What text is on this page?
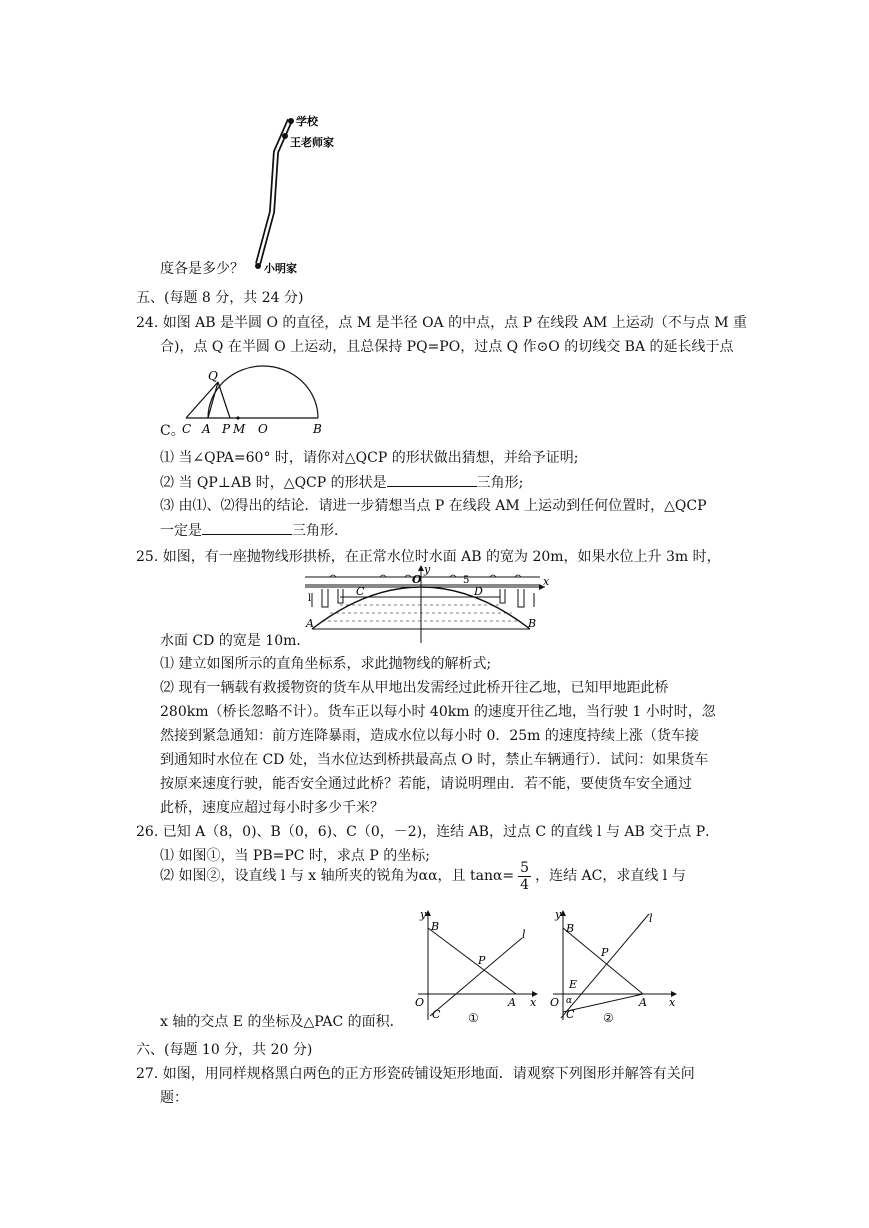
学校
王老师家
小明家
度各是多少？
五、(每题 8 分，共 24 分)
24. 如图 AB 是半圆 O 的直径，点 M 是半径 OA 的中点，点 P 在线段 AM 上运动（不与点 M 重
合)，点 Q 在半圆 O 上运动，且总保持 PQ=PO，过点 Q 作⊙O 的切线交 BA 的延长线于点
Q
C A P M O	B
C。
⑴ 当∠QPA=60° 时，请你对△QCP 的形状做出猜想，并给予证明;
⑵ 当 QP⊥AB 时，△QCP 的形状是	三角形;
⑶ 由⑴、⑵得出的结论．请进一步猜想当点 P 在线段 AM 上运动到任何位置时，△QCP
一定是	三角形．
25. 如图，有一座抛物线形拱桥，在正常水位时水面 AB 的宽为 20m，如果水位上升 3m 时，
y
x
O	5
l
C	D
A	B
水面 CD 的宽是 10m．
⑴ 建立如图所示的直角坐标系，求此抛物线的解析式;
⑵ 现有一辆载有救援物资的货车从甲地出发需经过此桥开往乙地，已知甲地距此桥
280km（桥长忽略不计）。货车正以每小时 40km 的速度开往乙地，当行驶 1 小时时，忽
然接到紧急通知：前方连降暴雨，造成水位以每小时 0．25m 的速度持续上涨（货车接
到通知时水位在 CD 处，当水位达到桥拱最高点 O 时，禁止车辆通行）．试问：如果货车
按原来速度行驶，能否安全通过此桥？若能，请说明理由．若不能，要使货车安全通过
此桥，速度应超过每小时多少千米？
26. 已知 A（8，0)、B（0，6)、C（0，－2)，连结 AB，过点 C 的直线 l 与 AB 交于点 P．
⑴ 如图①，当 PB=PC 时，求点 P 的坐标;
⑵ 如图②，设直线 l 与 x 轴所夹的锐角为αα，且 $\tan\alpha= \frac{5}{4}$ ，连结 AC，求直线 l 与
y
B
l
P
O	A x
C ①
y
B
l
P
E
O α	A x
C ②
x 轴的交点 E 的坐标及△PAC 的面积．
六、(每题 10 分，共 20 分)
27. 如图，用同样规格黑白两色的正方形瓷砖铺设矩形地面．请观察下列图形并解答有关问
题：
